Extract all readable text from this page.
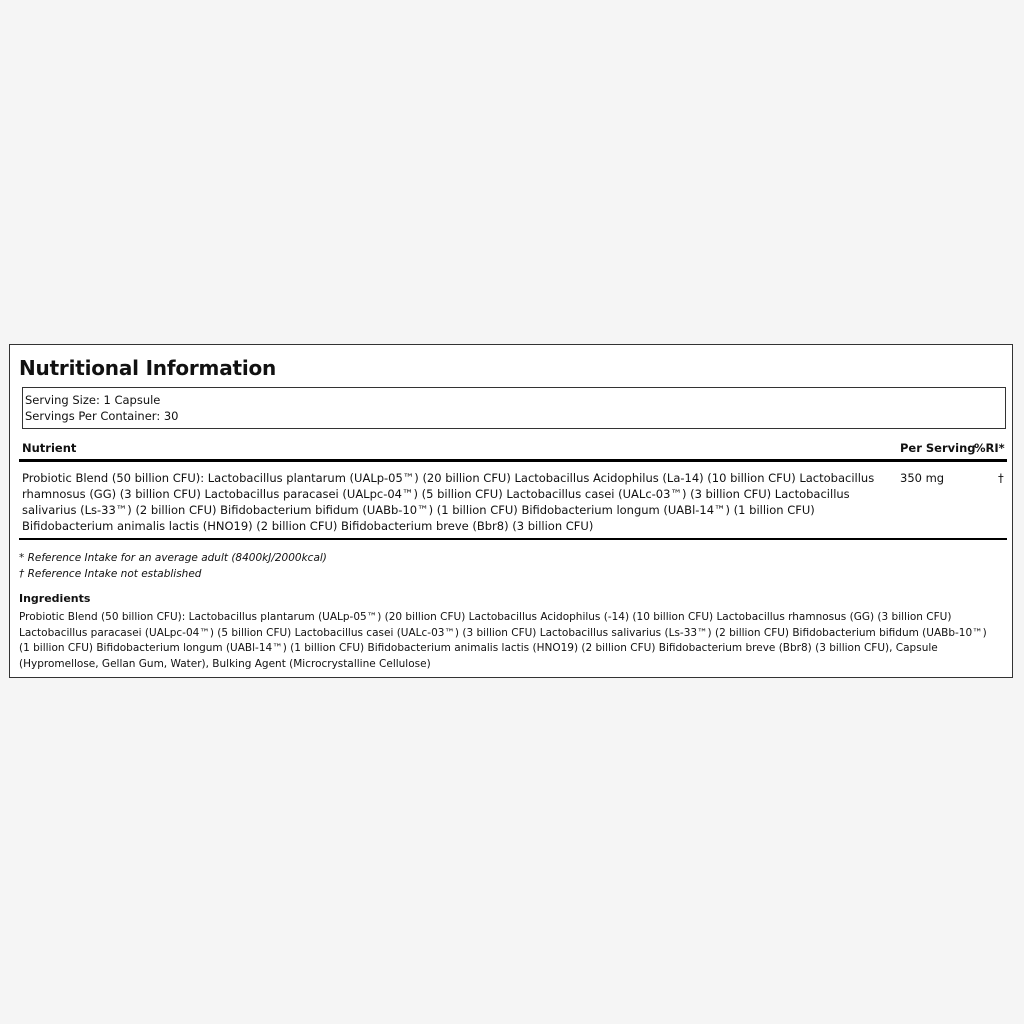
Nutritional Information
Serving Size: 1 Capsule
Servings Per Container: 30
Nutrient	Per Serving
%RI*
Probiotic Blend (50 billion CFU): Lactobacillus plantarum (UALp-05™) (20 billion CFU) Lactobacillus Acidophilus (La-14) (10 billion CFU) Lactobacillus rhamnosus (GG) (3 billion CFU) Lactobacillus paracasei (UALpc-04™) (5 billion CFU) Lactobacillus casei (UALc-03™) (3 billion CFU) Lactobacillus salivarius (Ls-33™) (2 billion CFU) Bifidobacterium bifidum (UABb-10™) (1 billion CFU) Bifidobacterium longum (UABl-14™) (1 billion CFU) Bifidobacterium animalis lactis (HNO19) (2 billion CFU) Bifidobacterium breve (Bbr8) (3 billion CFU)
350 mg	†
* Reference Intake for an average adult (8400kJ/2000kcal)
† Reference Intake not established
Ingredients
Probiotic Blend (50 billion CFU): Lactobacillus plantarum (UALp-05™) (20 billion CFU) Lactobacillus Acidophilus (-14) (10 billion CFU) Lactobacillus rhamnosus (GG) (3 billion CFU) Lactobacillus paracasei (UALpc-04™) (5 billion CFU) Lactobacillus casei (UALc-03™) (3 billion CFU) Lactobacillus salivarius (Ls-33™) (2 billion CFU) Bifidobacterium bifidum (UABb-10™) (1 billion CFU) Bifidobacterium longum (UABl-14™) (1 billion CFU) Bifidobacterium animalis lactis (HNO19) (2 billion CFU) Bifidobacterium breve (Bbr8) (3 billion CFU), Capsule (Hypromellose, Gellan Gum, Water), Bulking Agent (Microcrystalline Cellulose)
